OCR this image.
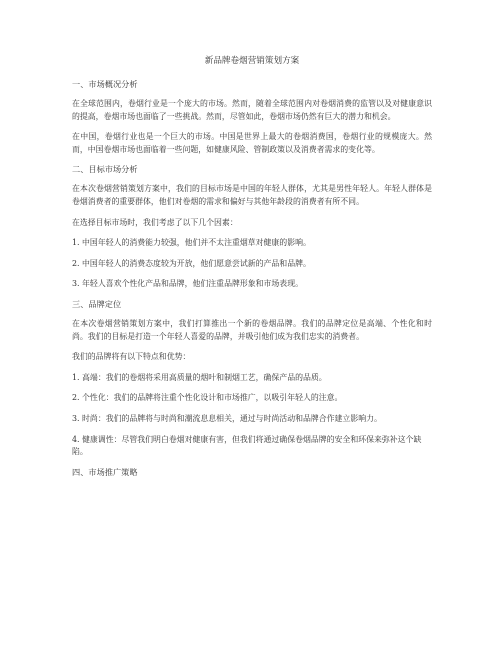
新品牌卷烟营销策划方案
一、市场概况分析

在全球范围内，卷烟行业是一个庞大的市场。然而，随着全球范围内对卷烟消费的监管以及对健康意识的提高，卷烟市场也面临了一些挑战。然而，尽管如此，卷烟市场仍然有巨大的潜力和机会。

在中国，卷烟行业也是一个巨大的市场。中国是世界上最大的卷烟消费国，卷烟行业的规模庞大。然而，中国卷烟市场也面临着一些问题，如健康风险、管制政策以及消费者需求的变化等。

二、目标市场分析

在本次卷烟营销策划方案中，我们的目标市场是中国的年轻人群体，尤其是男性年轻人。年轻人群体是卷烟消费者的重要群体，他们对卷烟的需求和偏好与其他年龄段的消费者有所不同。

在选择目标市场时，我们考虑了以下几个因素：

1. 中国年轻人的消费能力较强，他们并不太注重烟草对健康的影响。

2. 中国年轻人的消费态度较为开放，他们愿意尝试新的产品和品牌。

3. 年轻人喜欢个性化产品和品牌，他们注重品牌形象和市场表现。

三、品牌定位

在本次卷烟营销策划方案中，我们打算推出一个新的卷烟品牌。我们的品牌定位是高端、个性化和时尚。我们的目标是打造一个年轻人喜爱的品牌，并吸引他们成为我们忠实的消费者。

我们的品牌将有以下特点和优势：

1. 高端：我们的卷烟将采用高质量的烟叶和制烟工艺，确保产品的品质。

2. 个性化：我们的品牌将注重个性化设计和市场推广，以吸引年轻人的注意。

3. 时尚：我们的品牌将与时尚和潮流息息相关，通过与时尚活动和品牌合作建立影响力。

4. 健康调性：尽管我们明白卷烟对健康有害，但我们将通过确保卷烟品牌的安全和环保来弥补这个缺陷。

四、市场推广策略
